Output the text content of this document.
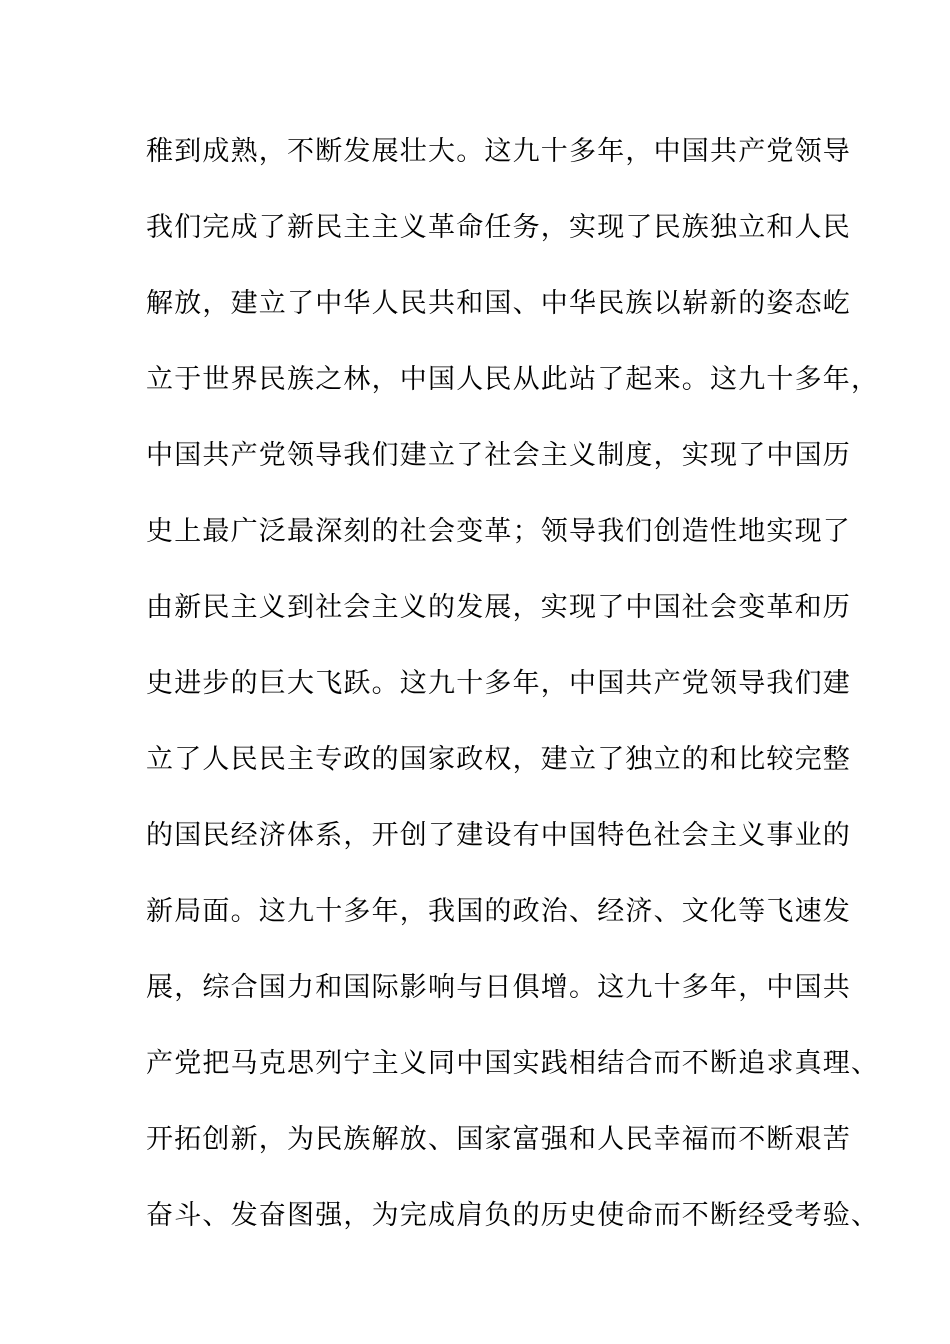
稚到成熟，不断发展壮大。这九十多年，中国共产党领导
我们完成了新民主主义革命任务，实现了民族独立和人民
解放，建立了中华人民共和国、中华民族以崭新的姿态屹
立于世界民族之林，中国人民从此站了起来。这九十多年，
中国共产党领导我们建立了社会主义制度，实现了中国历
史上最广泛最深刻的社会变革；领导我们创造性地实现了
由新民主义到社会主义的发展，实现了中国社会变革和历
史进步的巨大飞跃。这九十多年，中国共产党领导我们建
立了人民民主专政的国家政权，建立了独立的和比较完整
的国民经济体系，开创了建设有中国特色社会主义事业的
新局面。这九十多年，我国的政治、经济、文化等飞速发
展，综合国力和国际影响与日俱增。这九十多年，中国共
产党把马克思列宁主义同中国实践相结合而不断追求真理、
开拓创新，为民族解放、国家富强和人民幸福而不断艰苦
奋斗、发奋图强，为完成肩负的历史使命而不断经受考验、
